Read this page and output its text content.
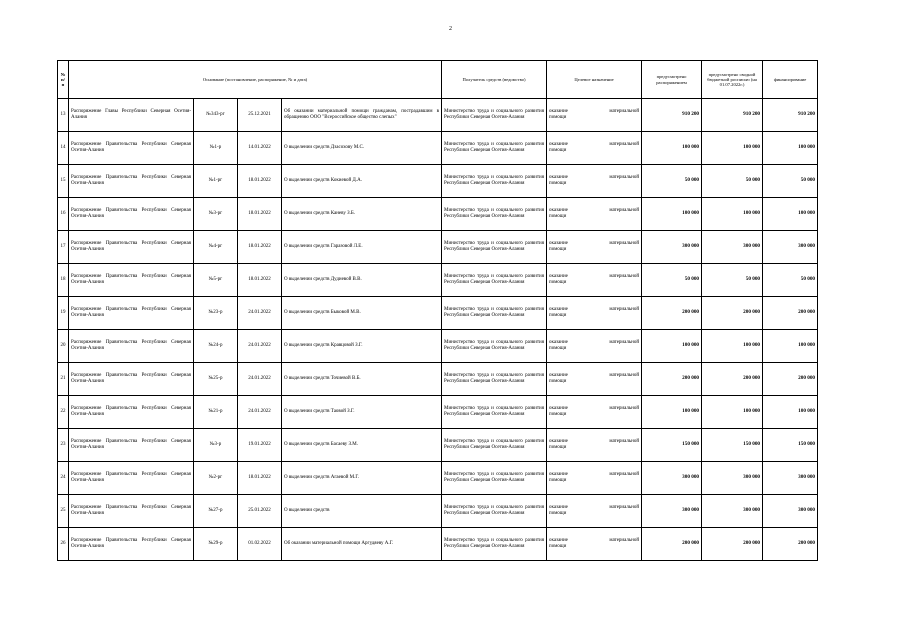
2
№ п/п	Основание (постановление, распоряжение, № и дата)				Получатель средств (ведомство)	Целевое назначение	предусмотрено распоряжением	предусмотрено сводной бюджетной росписью (на 01.07.2022г.)	финансирование
13	Распоряжение Главы Республики Северная Осетия-Алания	№343-рг	25.12.2021	Об оказании материальной помощи гражданам, пострадавшим в обращению ООО "Всероссийское общество слепых"	Министерство труда и социального развития Республики Северная Осетия-Алания	оказание материальной
помощи	910 200	910 200	910 200
14	Распоряжение Правительства Республики Северная Осетия-Алания	№1-р	14.01.2022	О выделении средств Дзасохову М.С.	Министерство труда и социального развития Республики Северная Осетия-Алания	оказание материальной
помощи	100 000	100 000	100 000
15	Распоряжение Правительства Республики Северная Осетия-Алания	№1-рг	18.01.2022	О выделении средств Кокиевой Д.А.	Министерство труда и социального развития Республики Северная Осетия-Алания	оказание материальной
помощи	50 000	50 000	50 000
16	Распоряжение Правительства Республики Северная Осетия-Алания	№3-рг	18.01.2022	О выделении средств Каневу З.Б.	Министерство труда и социального развития Республики Северная Осетия-Алания	оказание материальной
помощи	100 000	100 000	100 000
17	Распоряжение Правительства Республики Северная Осетия-Алания	№4-рг	18.01.2022	О выделении средств Гаразовой Л.Е.	Министерство труда и социального развития Республики Северная Осетия-Алания	оказание материальной
помощи	300 000	300 000	300 000
18	Распоряжение Правительства Республики Северная Осетия-Алания	№5-рг	18.01.2022	О выделении средств Дудиевой В.В.	Министерство труда и социального развития Республики Северная Осетия-Алания	оказание материальной
помощи	50 000	50 000	50 000
19	Распоряжение Правительства Республики Северная Осетия-Алания	№23-р	24.01.2022	О выделении средств Быковой М.В.	Министерство труда и социального развития Республики Северная Осетия-Алания	оказание материальной
помощи	200 000	200 000	200 000
20	Распоряжение Правительства Республики Северная Осетия-Алания	№24-р	24.01.2022	О выделении средств Кравцовой З.Г.	Министерство труда и социального развития Республики Северная Осетия-Алания	оказание материальной
помощи	100 000	100 000	100 000
21	Распоряжение Правительства Республики Северная Осетия-Алания	№25-р	24.01.2022	О выделении средств Точиевой В.Б.	Министерство труда и социального развития Республики Северная Осетия-Алания	оказание материальной
помощи	200 000	200 000	200 000
22	Распоряжение Правительства Республики Северная Осетия-Алания	№21-р	24.01.2022	О выделении средств Таовой З.Г.	Министерство труда и социального развития Республики Северная Осетия-Алания	оказание материальной
помощи	100 000	100 000	100 000
23	Распоряжение Правительства Республики Северная Осетия-Алания	№3-р	19.01.2022	О выделении средств Басаеву З.М.	Министерство труда и социального развития Республики Северная Осетия-Алания	оказание материальной
помощи	150 000	150 000	150 000
24	Распоряжение Правительства Республики Северная Осетия-Алания	№2-рг	18.01.2022	О выделении средств Агаевой М.Г.	Министерство труда и социального развития Республики Северная Осетия-Алания	оказание материальной
помощи	300 000	300 000	300 000
25	Распоряжение Правительства Республики Северная Осетия-Алания	№27-р	25.01.2022	О выделении средств	Министерство труда и социального развития Республики Северная Осетия-Алания	оказание материальной
помощи	300 000	300 000	300 000
26	Распоряжение Правительства Республики Северная Осетия-Алания	№29-р	01.02.2022	Об оказании материальной помощи Аргудяеву А.Г.	Министерство труда и социального развития Республики Северная Осетия-Алания	оказание материальной
помощи	200 000	200 000	200 000
